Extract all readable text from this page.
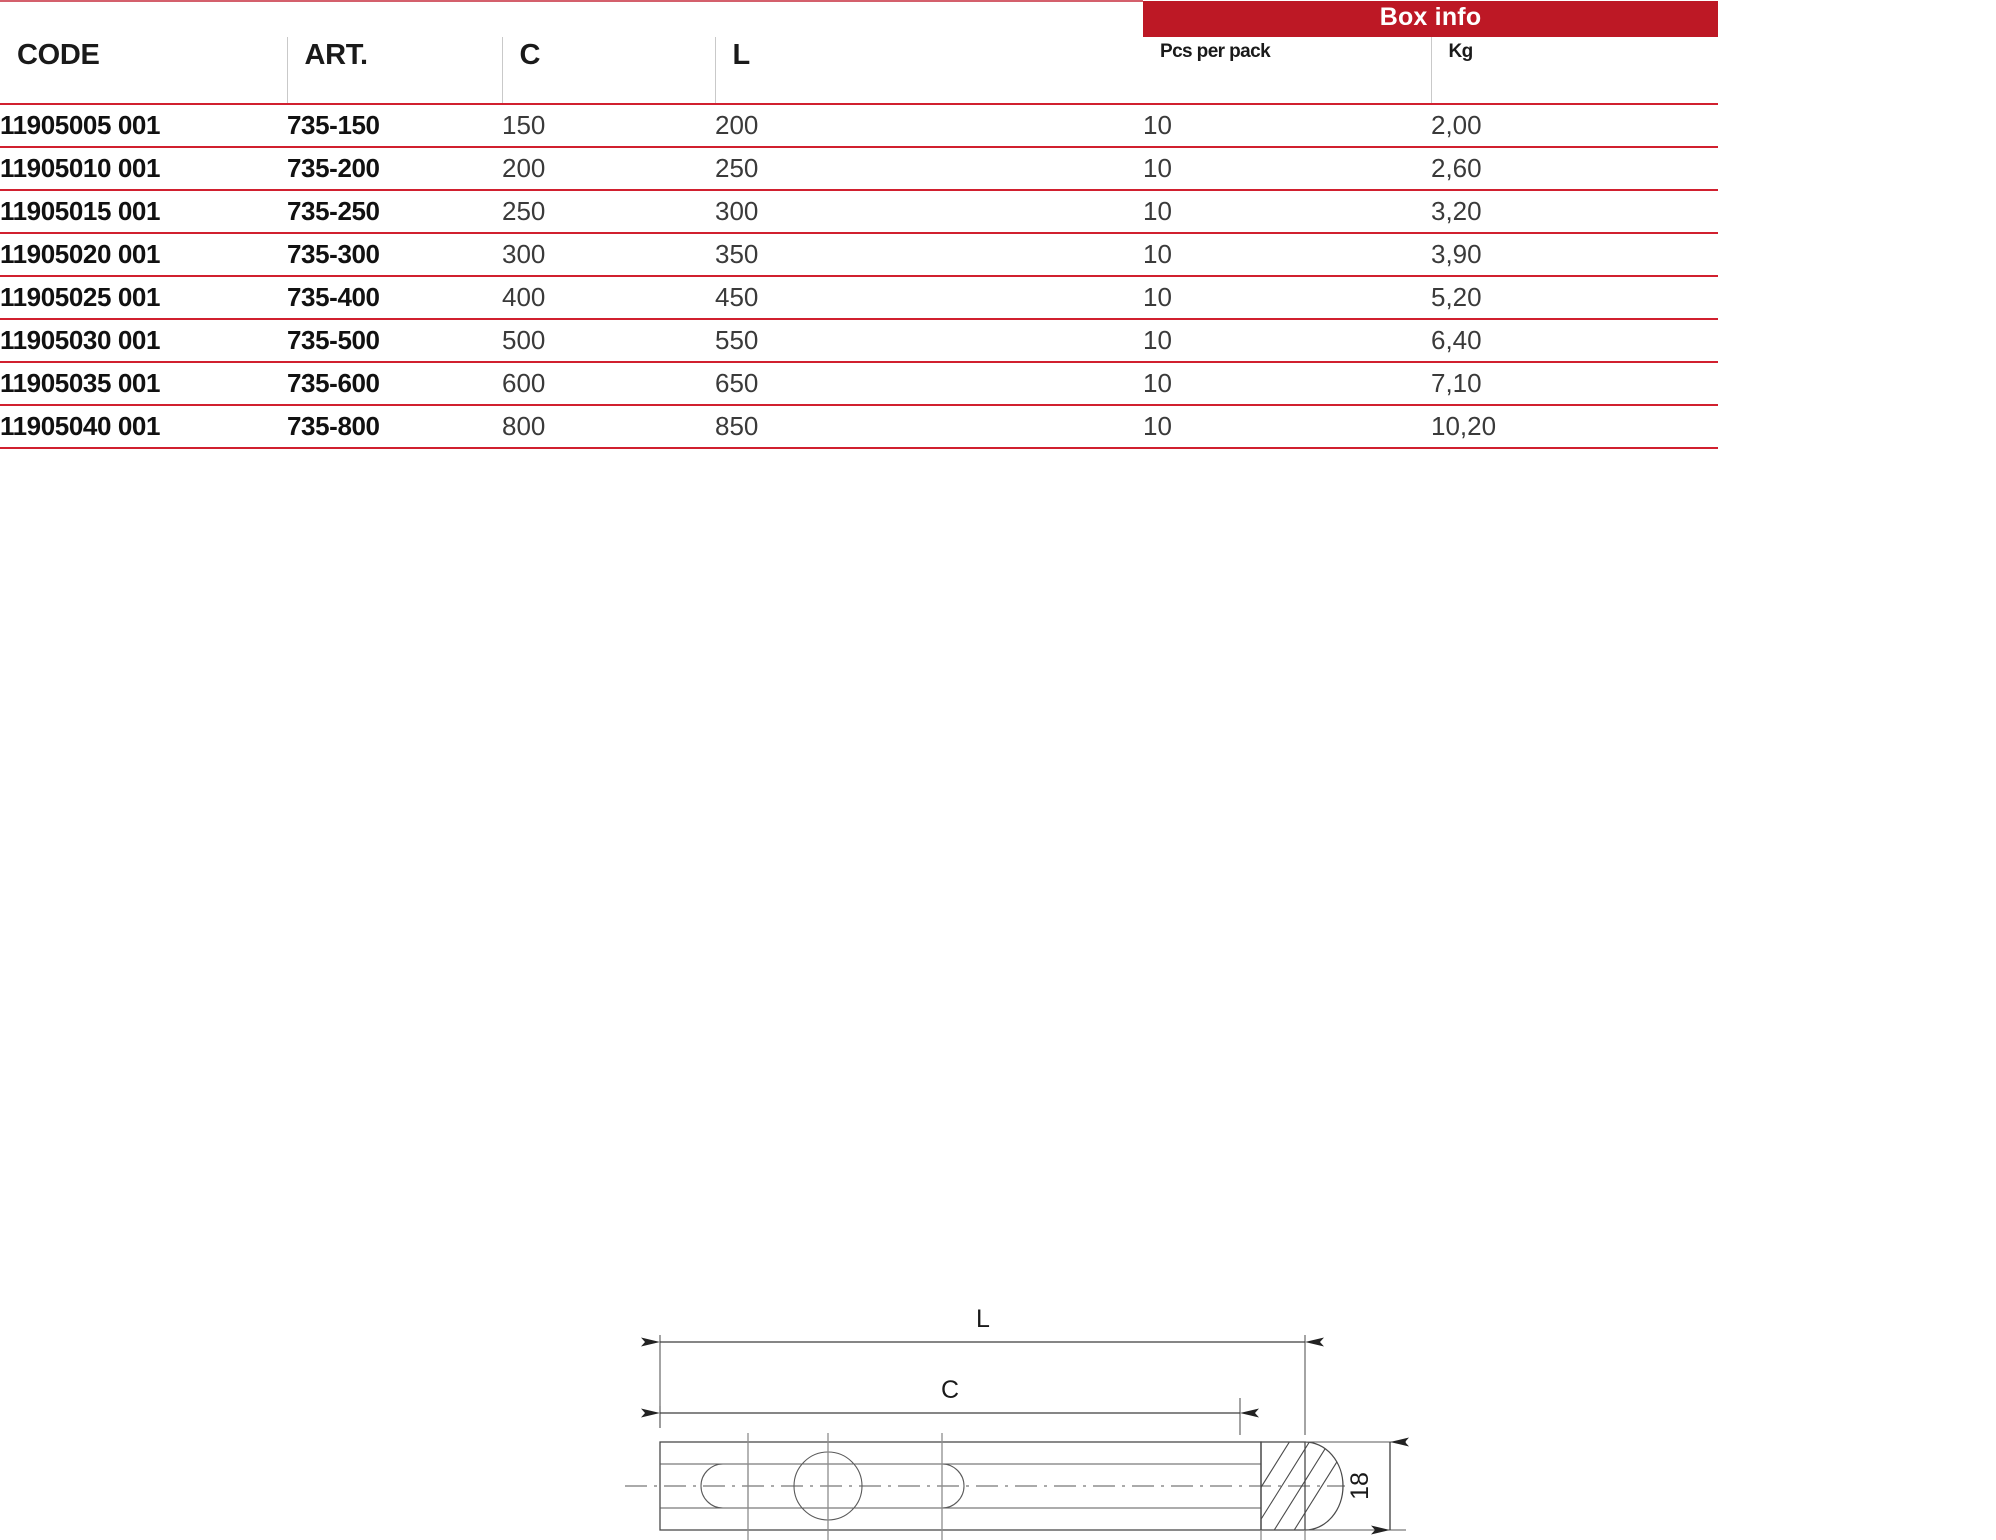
				Box info	

CODE	ART.	C	L	Pcs per pack	Kg

11905005 001	735-150	150	200	10	2,00
11905010 001	735-200	200	250	10	2,60
11905015 001	735-250	250	300	10	3,20
11905020 001	735-300	300	350	10	3,90
11905025 001	735-400	400	450	10	5,20
11905030 001	735-500	500	550	10	6,40
11905035 001	735-600	600	650	10	7,10
11905040 001	735-800	800	850	10	10,20

L
C
18
